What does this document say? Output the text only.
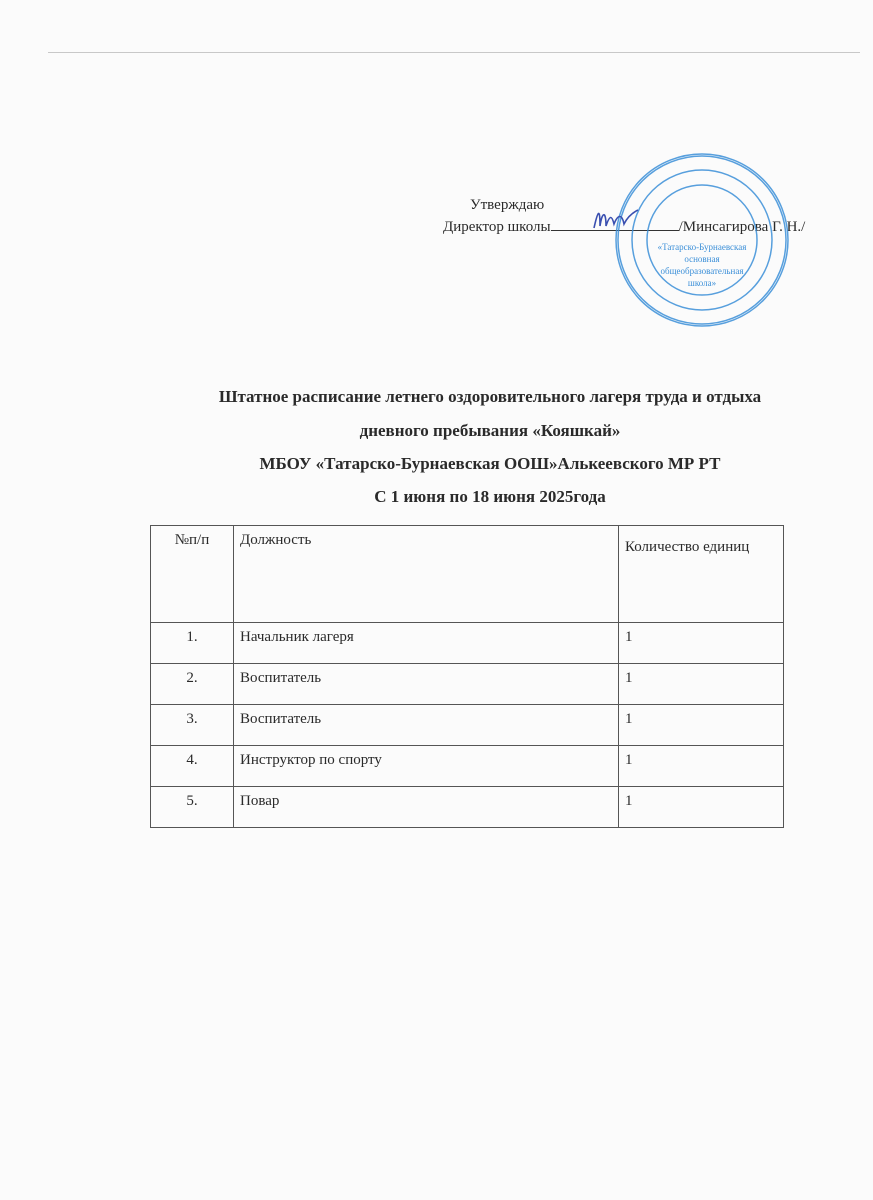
Утверждаю
Директор школы	/Минсагирова Г. Н./
«Татарско-Бурнаевская
основная
общеобразовательная
школа»
Штатное расписание летнего оздоровительного лагеря труда и отдыха
дневного пребывания «Кояшкай»
МБОУ «Татарско-Бурнаевская ООШ»Алькеевского МР РТ
С 1 июня по 18 июня 2025года
№п/п	Должность	Количество единиц
1.	Начальник лагеря	1
2.	Воспитатель	1
3.	Воспитатель	1
4.	Инструктор по спорту	1
5.	Повар	1
